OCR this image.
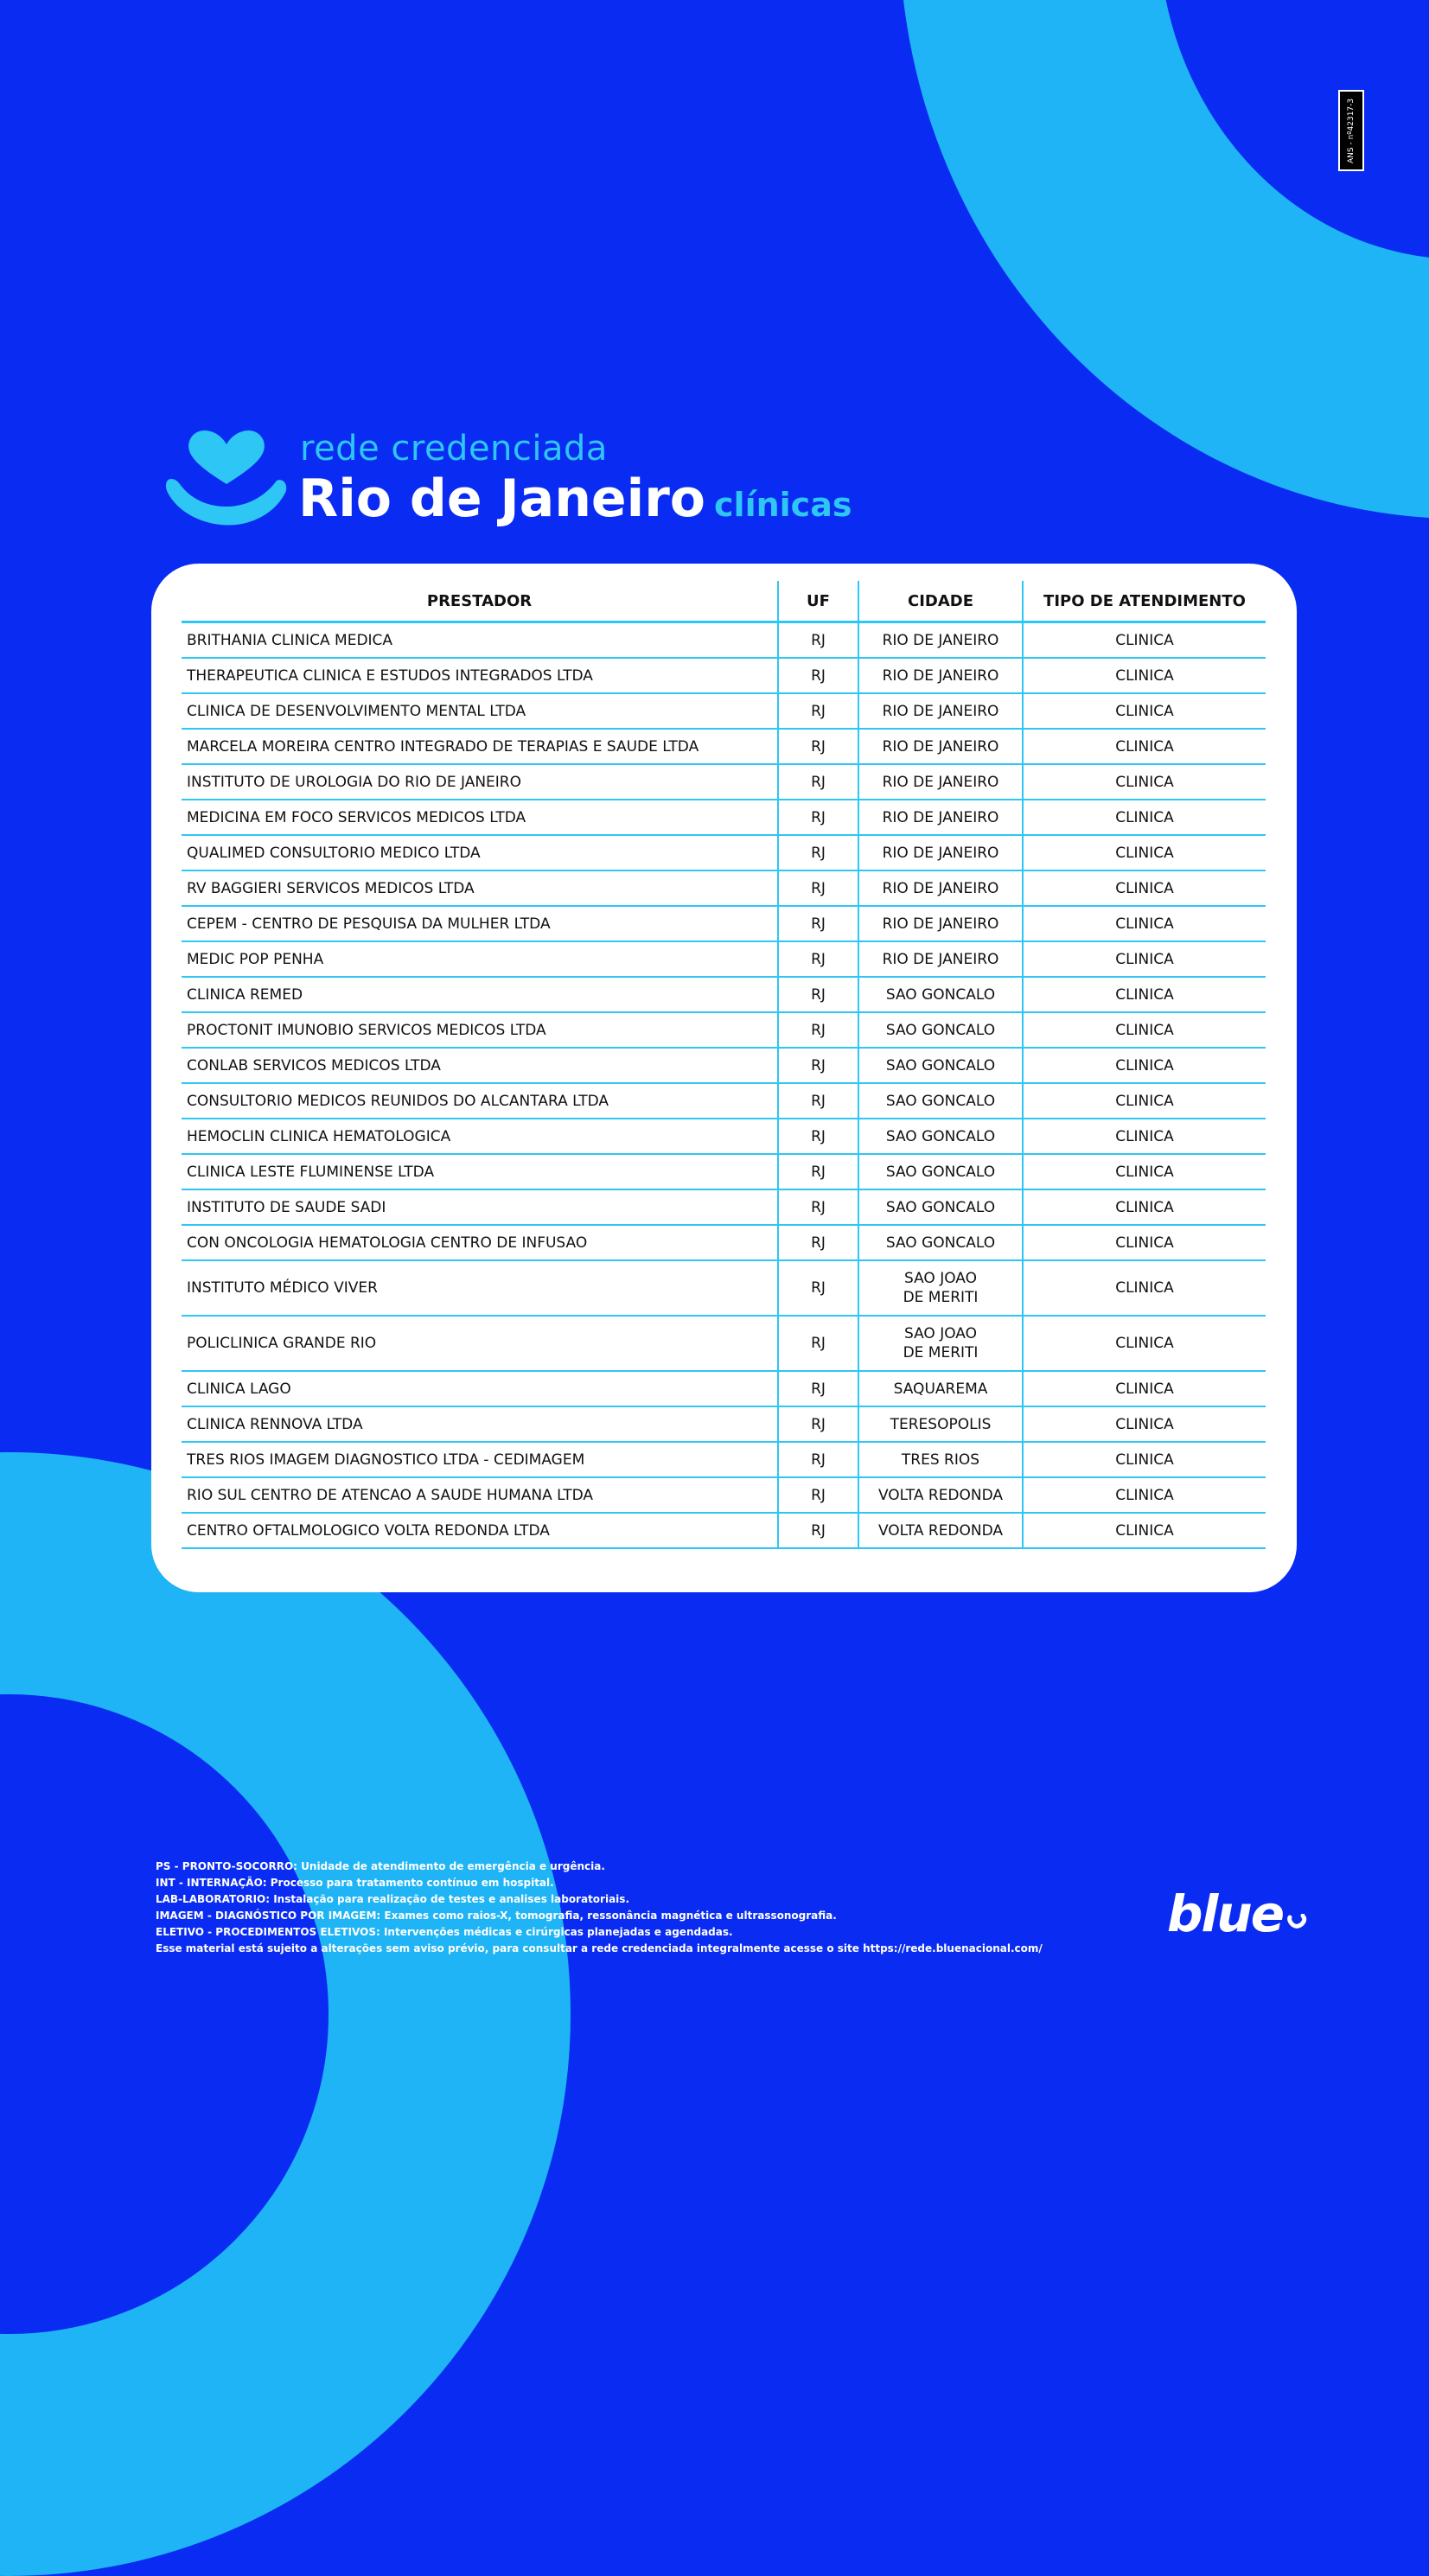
ANS - nº42317-3
rede credenciada
Rio de Janeiro clínicas
PRESTADOR	UF	CIDADE	TIPO DE ATENDIMENTO
BRITHANIA CLINICA MEDICA	RJ	RIO DE JANEIRO	CLINICA
THERAPEUTICA CLINICA E ESTUDOS INTEGRADOS LTDA	RJ	RIO DE JANEIRO	CLINICA
CLINICA DE DESENVOLVIMENTO MENTAL LTDA	RJ	RIO DE JANEIRO	CLINICA
MARCELA MOREIRA CENTRO INTEGRADO DE TERAPIAS E SAUDE LTDA	RJ	RIO DE JANEIRO	CLINICA
INSTITUTO DE UROLOGIA DO RIO DE JANEIRO	RJ	RIO DE JANEIRO	CLINICA
MEDICINA EM FOCO SERVICOS MEDICOS LTDA	RJ	RIO DE JANEIRO	CLINICA
QUALIMED CONSULTORIO MEDICO LTDA	RJ	RIO DE JANEIRO	CLINICA
RV BAGGIERI SERVICOS MEDICOS LTDA	RJ	RIO DE JANEIRO	CLINICA
CEPEM - CENTRO DE PESQUISA DA MULHER LTDA	RJ	RIO DE JANEIRO	CLINICA
MEDIC POP PENHA	RJ	RIO DE JANEIRO	CLINICA
CLINICA REMED	RJ	SAO GONCALO	CLINICA
PROCTONIT IMUNOBIO SERVICOS MEDICOS LTDA	RJ	SAO GONCALO	CLINICA
CONLAB SERVICOS MEDICOS LTDA	RJ	SAO GONCALO	CLINICA
CONSULTORIO MEDICOS REUNIDOS DO ALCANTARA LTDA	RJ	SAO GONCALO	CLINICA
HEMOCLIN CLINICA HEMATOLOGICA	RJ	SAO GONCALO	CLINICA
CLINICA LESTE FLUMINENSE LTDA	RJ	SAO GONCALO	CLINICA
INSTITUTO DE SAUDE SADI	RJ	SAO GONCALO	CLINICA
CON ONCOLOGIA HEMATOLOGIA CENTRO DE INFUSAO	RJ	SAO GONCALO	CLINICA
INSTITUTO MÉDICO VIVER	RJ	SAO JOAO DE MERITI	CLINICA
POLICLINICA GRANDE RIO	RJ	SAO JOAO DE MERITI	CLINICA
CLINICA LAGO	RJ	SAQUAREMA	CLINICA
CLINICA RENNOVA LTDA	RJ	TERESOPOLIS	CLINICA
TRES RIOS IMAGEM DIAGNOSTICO LTDA - CEDIMAGEM	RJ	TRES RIOS	CLINICA
RIO SUL CENTRO DE ATENCAO A SAUDE HUMANA LTDA	RJ	VOLTA REDONDA	CLINICA
CENTRO OFTALMOLOGICO VOLTA REDONDA LTDA	RJ	VOLTA REDONDA	CLINICA
PS - PRONTO-SOCORRO: Unidade de atendimento de emergência e urgência.
INT - INTERNAÇÃO: Processo para tratamento contínuo em hospital.
LAB-LABORATORIO: Instalação para realização de testes e analises laboratoriais.
IMAGEM - DIAGNÓSTICO POR IMAGEM: Exames como raios-X, tomografia, ressonância magnética e ultrassonografia.
ELETIVO - PROCEDIMENTOS ELETIVOS: Intervenções médicas e cirúrgicas planejadas e agendadas.
Esse material está sujeito a alterações sem aviso prévio, para consultar a rede credenciada integralmente acesse o site https://rede.bluenacional.com/
blue
